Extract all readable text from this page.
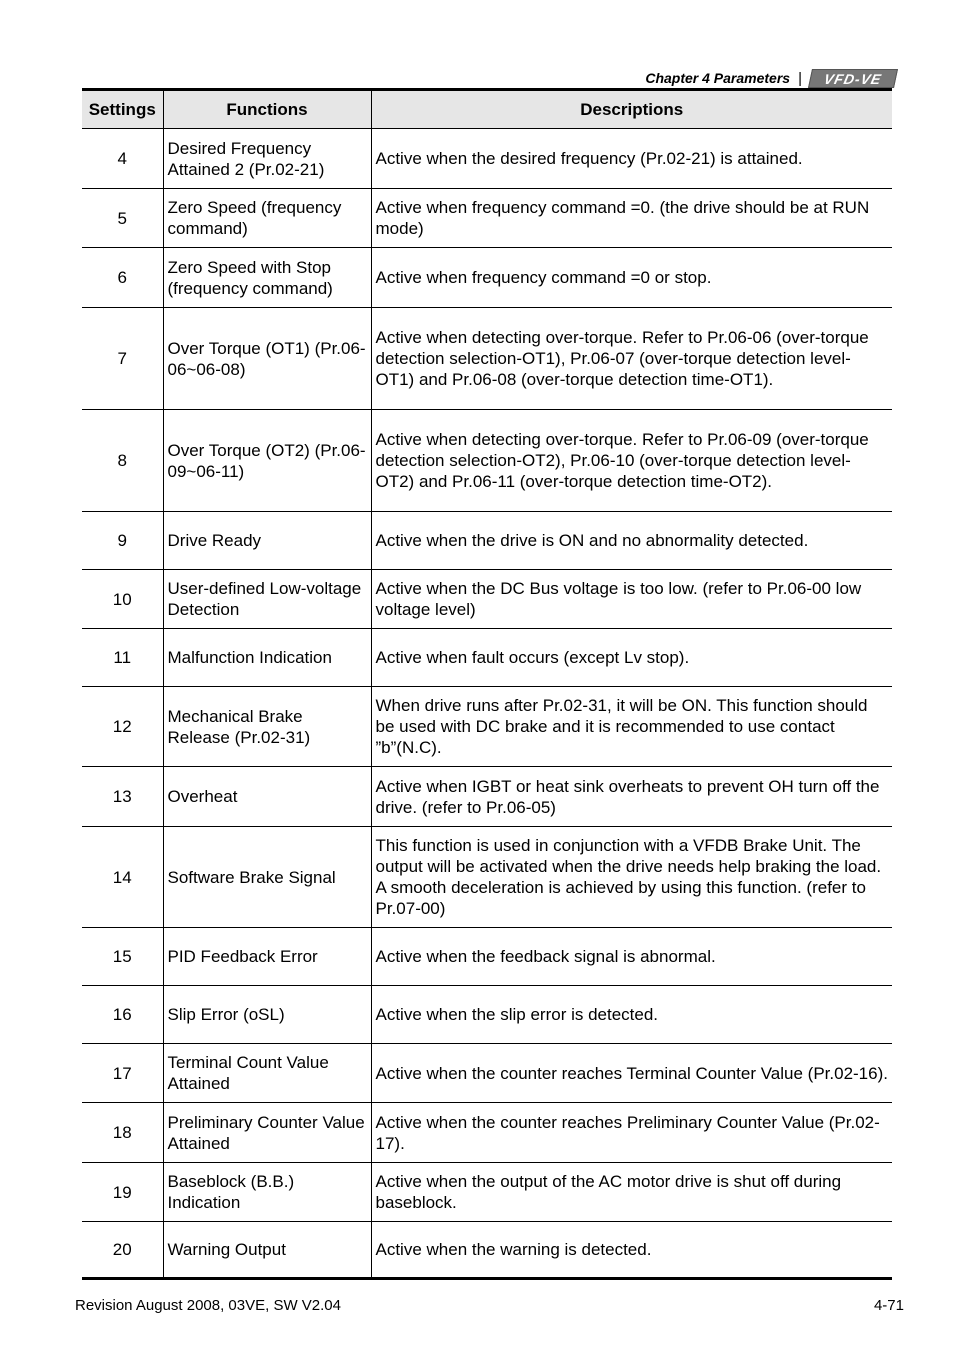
Chapter 4 Parameters |	VFD-VE
Settings	Functions	Descriptions
4	Desired Frequency Attained 2 (Pr.02-21)	Active when the desired frequency (Pr.02-21) is attained.
5	Zero Speed (frequency command)	Active when frequency command =0. (the drive should be at RUN mode)
6	Zero Speed with Stop (frequency command)	Active when frequency command =0 or stop.
7	Over Torque (OT1) (Pr.06-06~06-08)	Active when detecting over-torque. Refer to Pr.06-06 (over-torque detection selection-OT1), Pr.06-07 (over-torque detection level-OT1) and Pr.06-08 (over-torque detection time-OT1).
8	Over Torque (OT2) (Pr.06-09~06-11)	Active when detecting over-torque. Refer to Pr.06-09 (over-torque detection selection-OT2), Pr.06-10 (over-torque detection level-OT2) and Pr.06-11 (over-torque detection time-OT2).
9	Drive Ready	Active when the drive is ON and no abnormality detected.
10	User-defined Low-voltage Detection	Active when the DC Bus voltage is too low. (refer to Pr.06-00 low voltage level)
11	Malfunction Indication	Active when fault occurs (except Lv stop).
12	Mechanical Brake Release (Pr.02-31)	When drive runs after Pr.02-31, it will be ON. This function should be used with DC brake and it is recommended to use contact ”b”(N.C).
13	Overheat	Active when IGBT or heat sink overheats to prevent OH turn off the drive. (refer to Pr.06-05)
14	Software Brake Signal	This function is used in conjunction with a VFDB Brake Unit. The output will be activated when the drive needs help braking the load. A smooth deceleration is achieved by using this function. (refer to Pr.07-00)
15	PID Feedback Error	Active when the feedback signal is abnormal.
16	Slip Error (oSL)	Active when the slip error is detected.
17	Terminal Count Value Attained	Active when the counter reaches Terminal Counter Value (Pr.02-16).
18	Preliminary Counter Value Attained	Active when the counter reaches Preliminary Counter Value (Pr.02-17).
19	Baseblock (B.B.) Indication	Active when the output of the AC motor drive is shut off during baseblock.
20	Warning Output	Active when the warning is detected.
Revision August 2008, 03VE, SW V2.04	4-71
